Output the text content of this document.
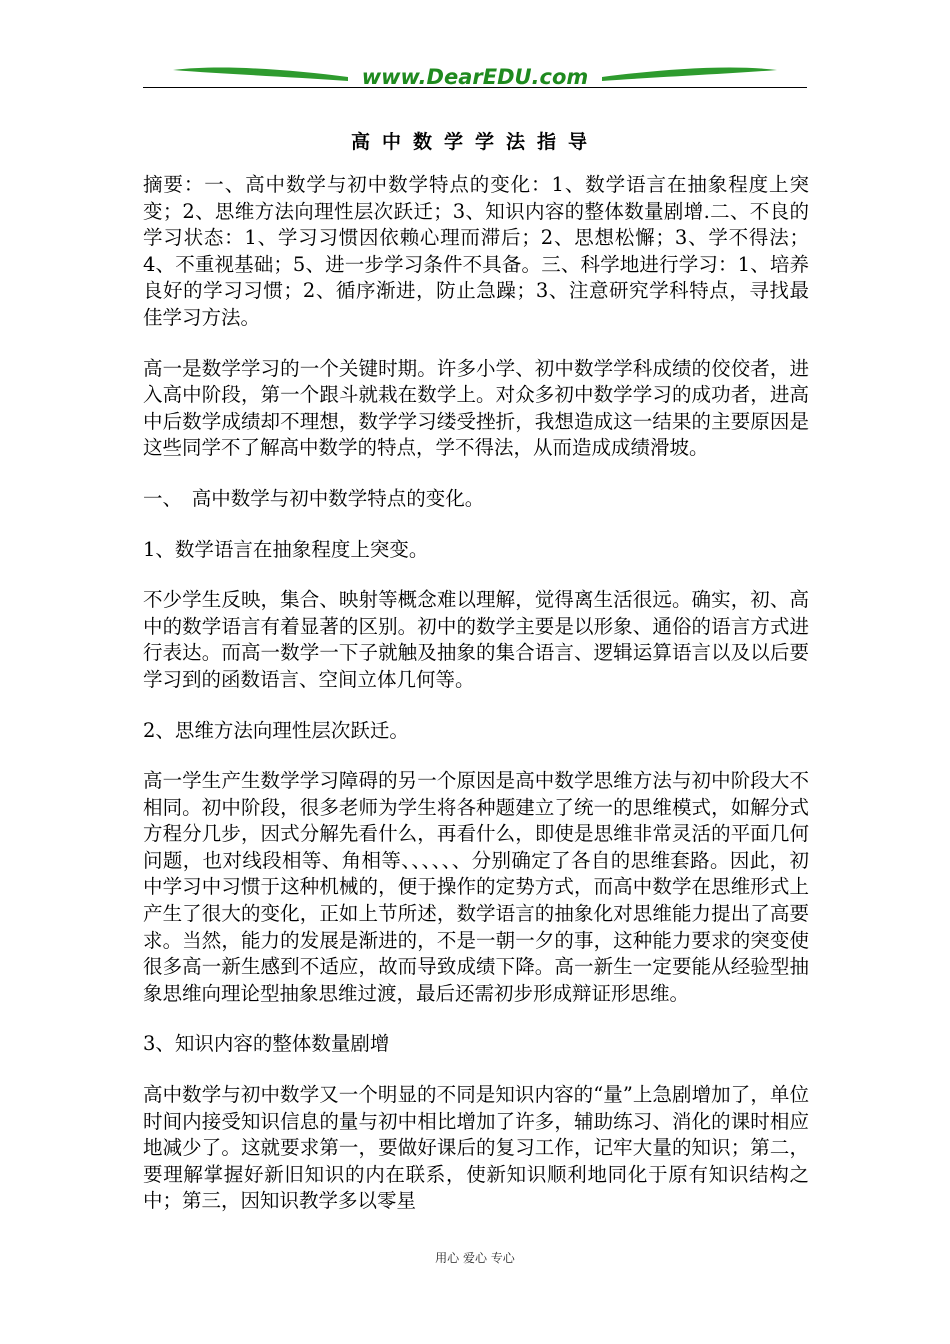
www.DearEDU.com
高中数学学法指导

摘要：一、高中数学与初中数学特点的变化：1、数学语言在抽象程度上突变；2、思维方法向理性层次跃迁；3、知识内容的整体数量剧增.二、不良的学习状态：1、学习习惯因依赖心理而滞后；2、思想松懈；3、学不得法；4、不重视基础；5、进一步学习条件不具备。三、科学地进行学习：1、培养良好的学习习惯；2、循序渐进，防止急躁；3、注意研究学科特点，寻找最佳学习方法。

高一是数学学习的一个关键时期。许多小学、初中数学学科成绩的佼佼者，进入高中阶段，第一个跟斗就栽在数学上。对众多初中数学学习的成功者，进高中后数学成绩却不理想，数学学习缕受挫折，我想造成这一结果的主要原因是这些同学不了解高中数学的特点，学不得法，从而造成成绩滑坡。

一、　高中数学与初中数学特点的变化。

1、数学语言在抽象程度上突变。

不少学生反映，集合、映射等概念难以理解，觉得离生活很远。确实，初、高中的数学语言有着显著的区别。初中的数学主要是以形象、通俗的语言方式进行表达。而高一数学一下子就触及抽象的集合语言、逻辑运算语言以及以后要学习到的函数语言、空间立体几何等。

2、思维方法向理性层次跃迁。

高一学生产生数学学习障碍的另一个原因是高中数学思维方法与初中阶段大不相同。初中阶段，很多老师为学生将各种题建立了统一的思维模式，如解分式方程分几步，因式分解先看什么，再看什么，即使是思维非常灵活的平面几何问题，也对线段相等、角相等、、、、、、分别确定了各自的思维套路。因此，初中学习中习惯于这种机械的，便于操作的定势方式，而高中数学在思维形式上产生了很大的变化，正如上节所述，数学语言的抽象化对思维能力提出了高要求。当然，能力的发展是渐进的，不是一朝一夕的事，这种能力要求的突变使很多高一新生感到不适应，故而导致成绩下降。高一新生一定要能从经验型抽象思维向理论型抽象思维过渡，最后还需初步形成辩证形思维。

3、知识内容的整体数量剧增

高中数学与初中数学又一个明显的不同是知识内容的“量”上急剧增加了，单位时间内接受知识信息的量与初中相比增加了许多，辅助练习、消化的课时相应地减少了。这就要求第一，要做好课后的复习工作，记牢大量的知识；第二，要理解掌握好新旧知识的内在联系，使新知识顺利地同化于原有知识结构之中；第三，因知识教学多以零星

用心 爱心 专心
